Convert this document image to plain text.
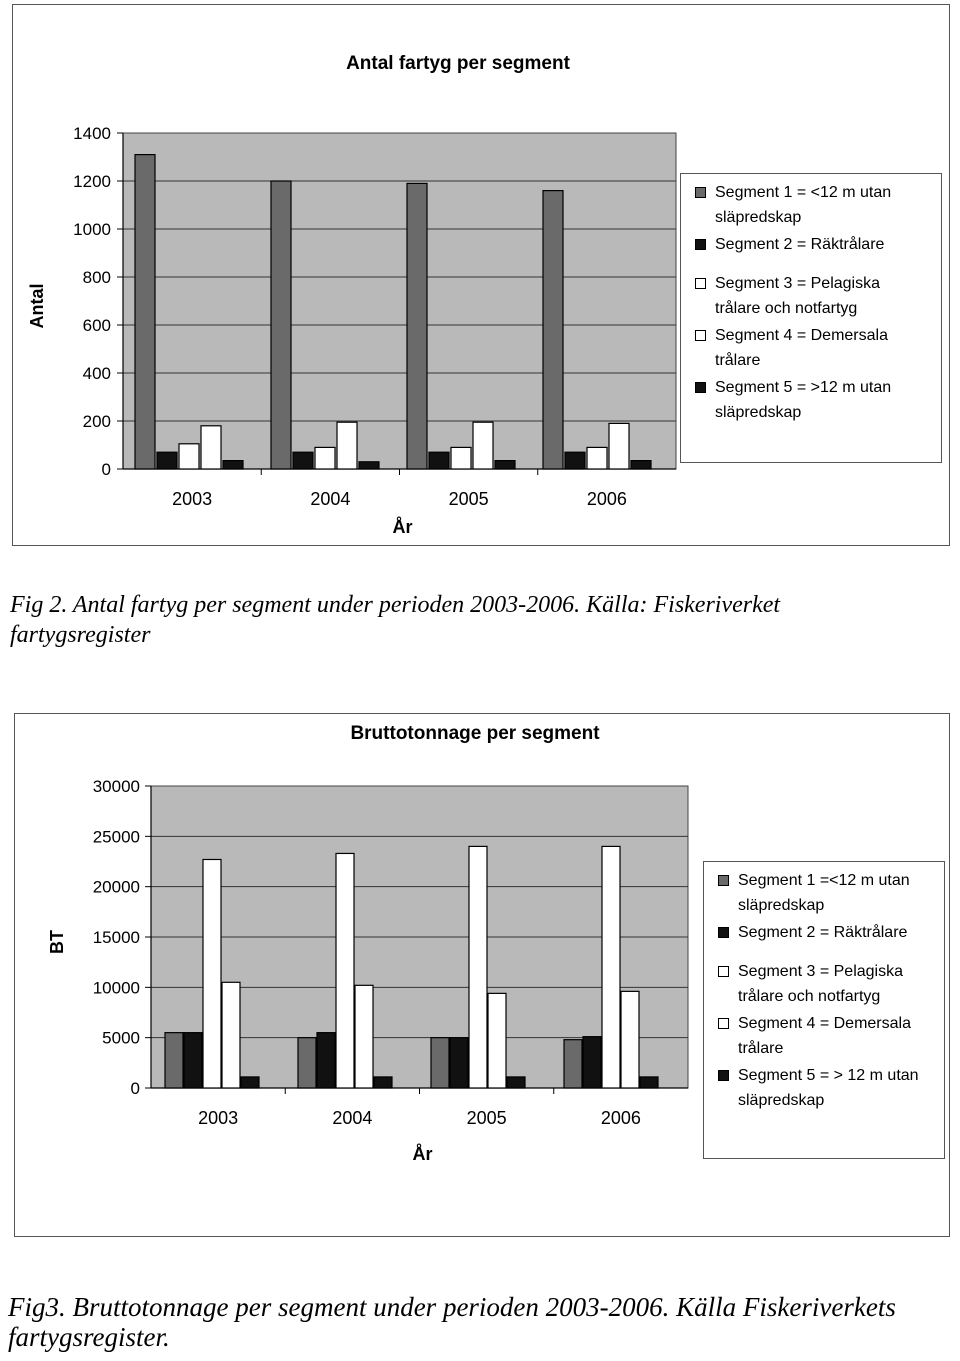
Antal fartyg per segment
1400
1200
1000
800
600
400
200
0
2003	2004	2005	2006
År
Antal
Segment 1 = <12 m utan
släpredskap
Segment 2 = Räktrålare
Segment 3 = Pelagiska
trålare och notfartyg
Segment 4 = Demersala
trålare
Segment 5 = >12 m utan
släpredskap
Fig 2. Antal fartyg per segment under perioden 2003-2006. Källa: Fiskeriverket
fartygsregister
Bruttotonnage per segment
30000
25000
20000
15000
10000
5000
0
2003	2004	2005	2006
År
BT
Segment 1 =<12 m utan
släpredskap
Segment 2 = Räktrålare
Segment 3 = Pelagiska
trålare och notfartyg
Segment 4 = Demersala
trålare
Segment 5 = > 12 m utan
släpredskap
Fig3. Bruttotonnage per segment under perioden 2003-2006. Källa Fiskeriverkets
fartygsregister.
